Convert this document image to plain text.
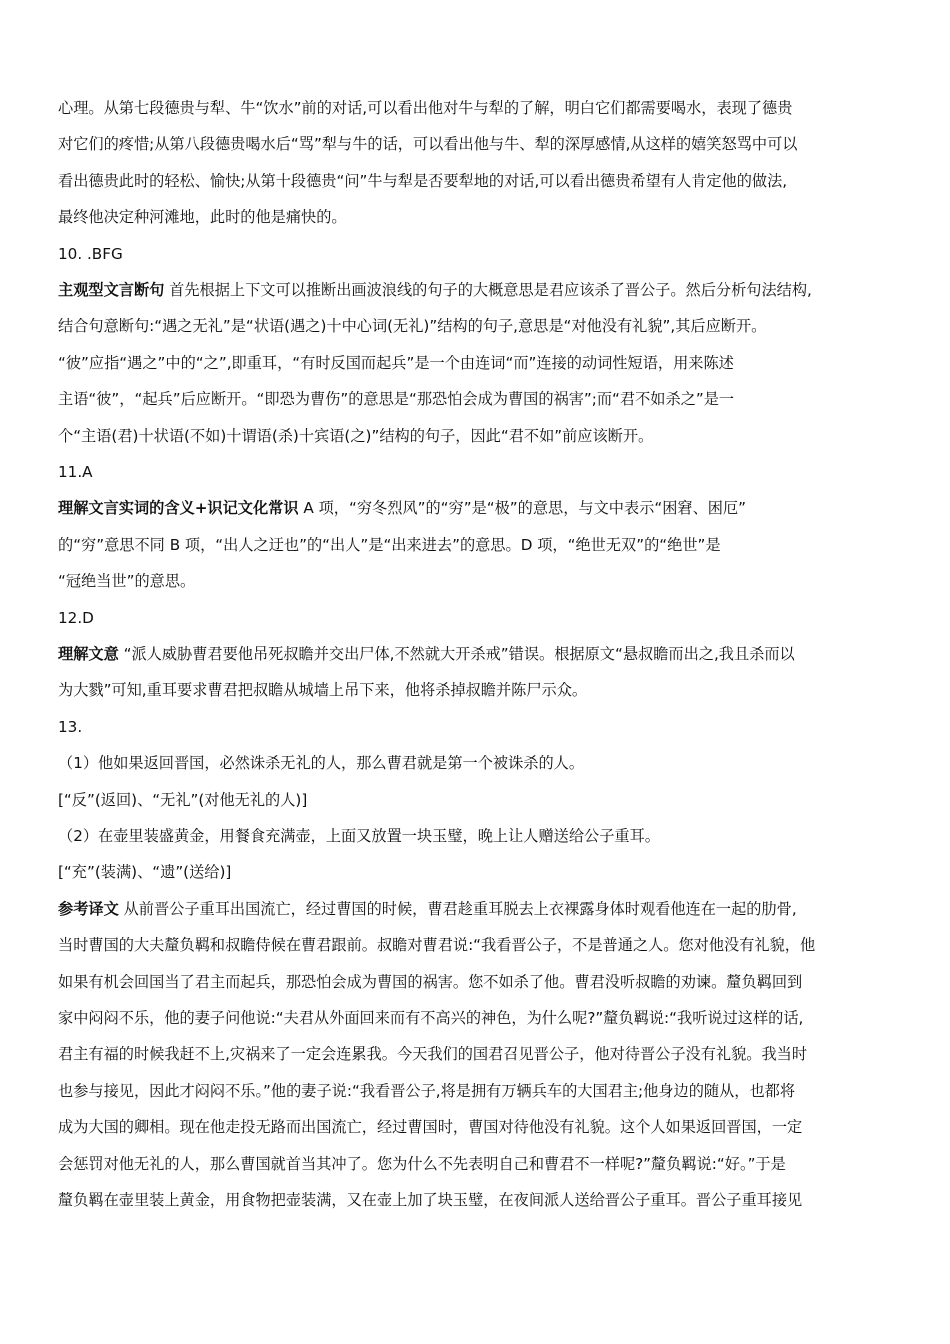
心理。从第七段德贵与犁、牛“饮水”前的对话,可以看出他对牛与犁的了解，明白它们都需要喝水，表现了德贵
对它们的疼惜;从第八段德贵喝水后“骂”犁与牛的话，可以看出他与牛、犁的深厚感情,从这样的嬉笑怒骂中可以
看出德贵此时的轻松、愉快;从第十段德贵“问”牛与犁是否要犁地的对话,可以看出德贵希望有人肯定他的做法,
最终他决定种河滩地，此时的他是痛快的。
10. .BFG
主观型文言断句 首先根据上下文可以推断出画波浪线的句子的大概意思是君应该杀了晋公子。然后分析句法结构,
结合句意断句:“遇之无礼”是“状语(遇之)十中心词(无礼)”结构的句子,意思是“对他没有礼貌”,其后应断开。
“彼”应指“遇之”中的“之”,即重耳，“有时反国而起兵”是一个由连词“而”连接的动词性短语，用来陈述
主语“彼”，“起兵”后应断开。“即恐为曹伤”的意思是“那恐怕会成为曹国的祸害”;而“君不如杀之”是一
个“主语(君)十状语(不如)十谓语(杀)十宾语(之)”结构的句子，因此“君不如”前应该断开。
11.A
理解文言实词的含义+识记文化常识 A 项，“穷冬烈风”的“穷”是“极”的意思，与文中表示“困窘、困厄”
的“穷”意思不同 B 项，“出人之迂也”的“出人”是“出来进去”的意思。D 项，“绝世无双”的“绝世”是
“冠绝当世”的意思。
12.D
理解文意 “派人威胁曹君要他吊死叔瞻并交出尸体,不然就大开杀戒”错误。根据原文“悬叔瞻而出之,我且杀而以
为大戮”可知,重耳要求曹君把叔瞻从城墙上吊下来，他将杀掉叔瞻并陈尸示众。
13.
（1）他如果返回晋国，必然诛杀无礼的人，那么曹君就是第一个被诛杀的人。
[“反”(返回)、“无礼”(对他无礼的人)]
（2）在壶里装盛黄金，用餐食充满壶，上面又放置一块玉璧，晚上让人赠送给公子重耳。
[“充”(装满)、“遗”(送给)]
参考译文 从前晋公子重耳出国流亡，经过曹国的时候，曹君趁重耳脱去上衣裸露身体时观看他连在一起的肋骨,
当时曹国的大夫釐负羁和叔瞻侍候在曹君跟前。叔瞻对曹君说:“我看晋公子，不是普通之人。您对他没有礼貌，他
如果有机会回国当了君主而起兵，那恐怕会成为曹国的祸害。您不如杀了他。曹君没听叔瞻的劝谏。釐负羁回到
家中闷闷不乐，他的妻子问他说:“夫君从外面回来而有不高兴的神色，为什么呢?”釐负羁说:“我听说过这样的话,
君主有福的时候我赶不上,灾祸来了一定会连累我。今天我们的国君召见晋公子，他对待晋公子没有礼貌。我当时
也参与接见，因此才闷闷不乐。”他的妻子说:“我看晋公子,将是拥有万辆兵车的大国君主;他身边的随从，也都将
成为大国的卿相。现在他走投无路而出国流亡，经过曹国时，曹国对待他没有礼貌。这个人如果返回晋国，一定
会惩罚对他无礼的人，那么曹国就首当其冲了。您为什么不先表明自己和曹君不一样呢?”釐负羁说:“好。”于是
釐负羁在壶里装上黄金，用食物把壶装满，又在壶上加了块玉璧，在夜间派人送给晋公子重耳。晋公子重耳接见
